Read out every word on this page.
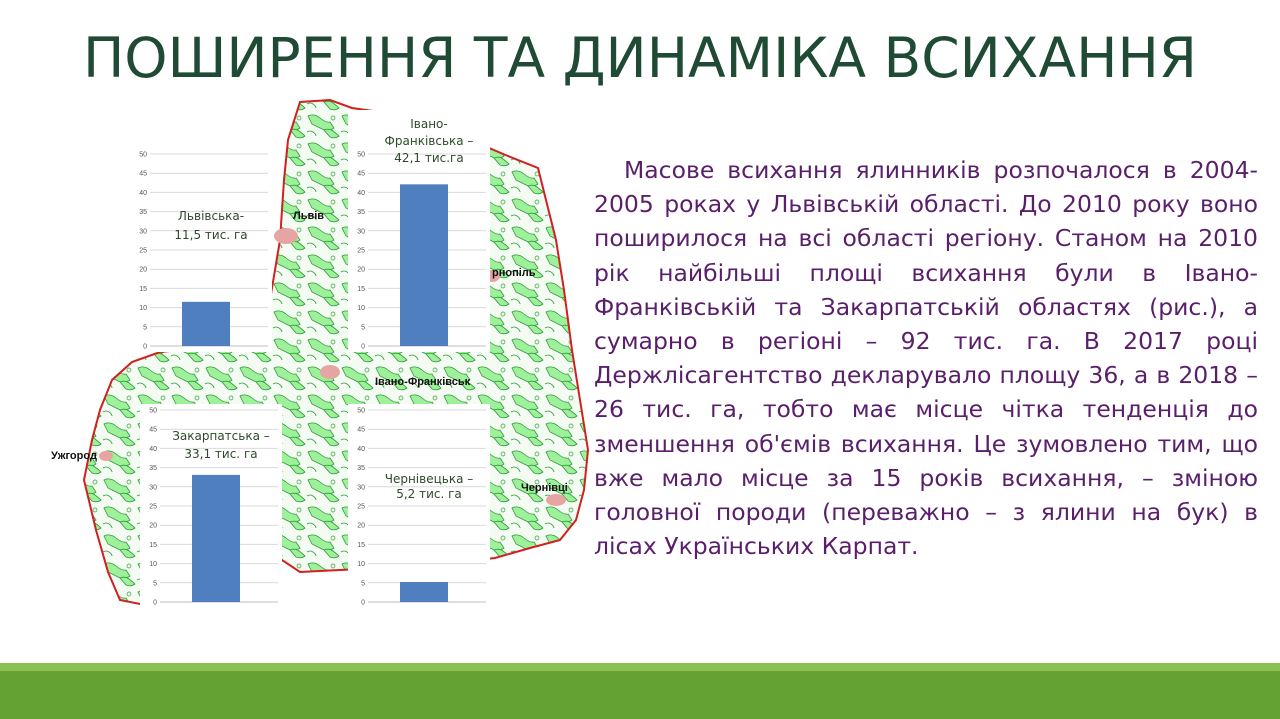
ПОШИРЕННЯ ТА ДИНАМІКА ВСИХАННЯ
Львів
рнопіль
Івано-Франківськ
Ужгород
Чернівці
0
5
10
15
20
25
30
35
40
45
50
Львівська-
11,5 тис. га
0
5
10
15
20
25
30
35
40
45
50
Івано-
Франківська –
42,1 тис.га
0
5
10
15
20
25
30
35
40
45
50
Закарпатська –
33,1 тис. га
0
5
10
15
20
25
30
35
40
45
50
Чернівецька –
5,2 тис. га

Масове всихання ялинників розпочалося в 2004-2005 роках у Львівській області. До 2010 року воно поширилося на всі області регіону. Станом на 2010 рік найбільші площі всихання були в Івано-Франківській та Закарпатській областях (рис.), а сумарно в регіоні – 92 тис. га. В 2017 році Держлісагентство декларувало площу 36, а в 2018 – 26 тис. га, тобто має місце чітка тенденція до зменшення об'ємів всихання. Це зумовлено тим, що вже мало місце за 15 років всихання, – зміною головної породи (переважно – з ялини на бук) в лісах Українських Карпат.
